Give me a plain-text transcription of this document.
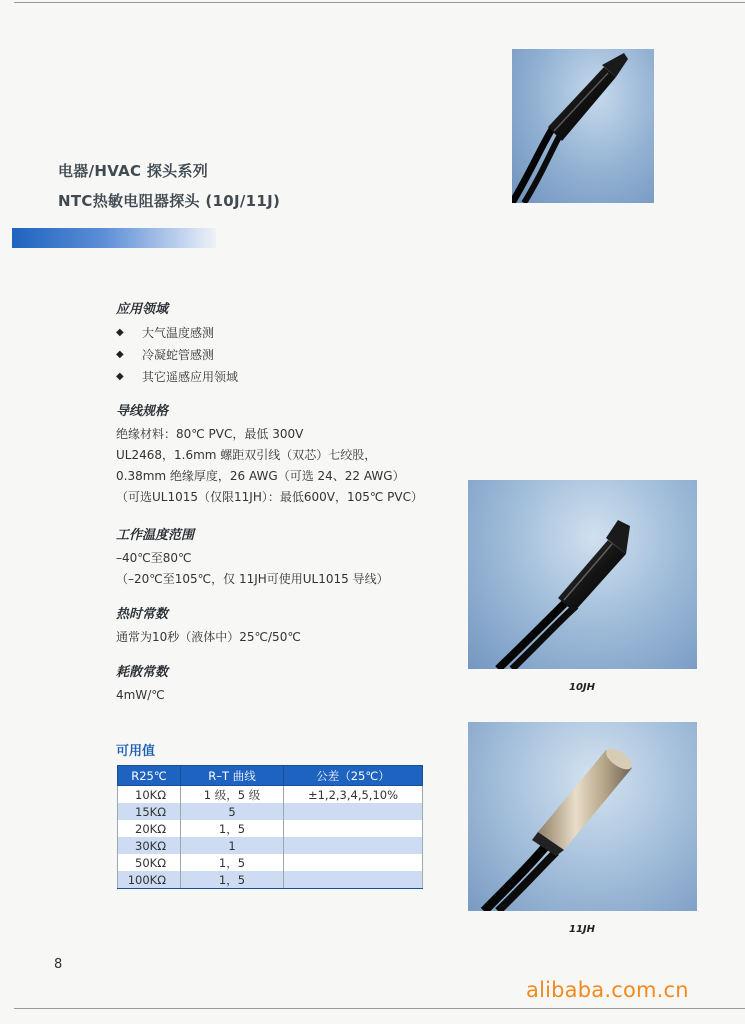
电器/HVAC 探头系列
NTC热敏电阻器探头 (10J/11J)
应用领域
◆	大气温度感测
◆	冷凝蛇管感测
◆	其它遥感应用领域
导线规格
绝缘材料：80℃ PVC，最低 300V
UL2468，1.6mm 螺距双引线（双芯）七绞股，
0.38mm 绝缘厚度，26 AWG（可选 24、22 AWG）
（可选UL1015（仅限11JH）：最低600V，105℃ PVC）
工作温度范围
–40℃至80℃
（–20℃至105℃，仅 11JH可使用UL1015 导线）
热时常数
通常为10秒（液体中）25℃/50℃
耗散常数
4mW/℃
可用值
R25℃	R–T 曲线	公差（25℃）
10KΩ	1 级，5 级	±1,2,3,4,5,10%
15KΩ	5	
20KΩ	1，5	
30KΩ	1	
50KΩ	1，5	
100KΩ	1，5	
10JH
11JH
8
alibaba.com.cn
